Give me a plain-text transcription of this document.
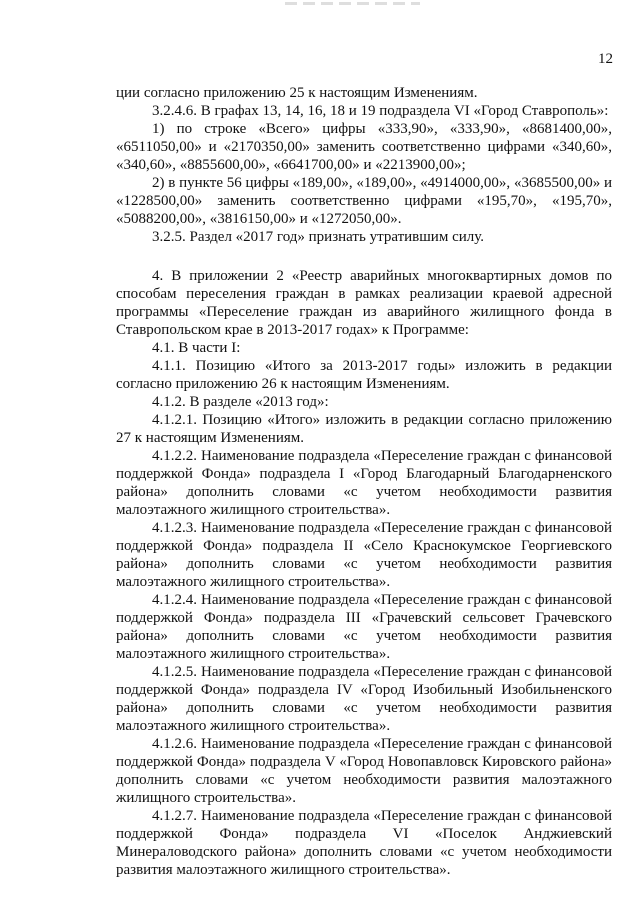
12

ции согласно приложению 25 к настоящим Изменениям.

3.2.4.6. В графах 13, 14, 16, 18 и 19 подраздела VI «Город Ставрополь»:

1) по строке «Всего» цифры «333,90», «333,90», «8681400,00», «6511050,00» и «2170350,00» заменить соответственно цифрами «340,60», «340,60», «8855600,00», «6641700,00» и «2213900,00»;

2) в пункте 56 цифры «189,00», «189,00», «4914000,00», «3685500,00» и «1228500,00» заменить соответственно цифрами «195,70», «195,70», «5088200,00», «3816150,00» и «1272050,00».

3.2.5. Раздел «2017 год» признать утратившим силу.

4. В приложении 2 «Реестр аварийных многоквартирных домов по способам переселения граждан в рамках реализации краевой адресной программы «Переселение граждан из аварийного жилищного фонда в Ставропольском крае в 2013-2017 годах» к Программе:

4.1. В части I:

4.1.1. Позицию «Итого за 2013-2017 годы» изложить в редакции согласно приложению 26 к настоящим Изменениям.

4.1.2. В разделе «2013 год»:

4.1.2.1. Позицию «Итого» изложить в редакции согласно приложению 27 к настоящим Изменениям.

4.1.2.2. Наименование подраздела «Переселение граждан с финансовой поддержкой Фонда» подраздела I «Город Благодарный Благодарненского района» дополнить словами «с учетом необходимости развития малоэтажного жилищного строительства».

4.1.2.3. Наименование подраздела «Переселение граждан с финансовой поддержкой Фонда» подраздела II «Село Краснокумское Георгиевского района» дополнить словами «с учетом необходимости развития малоэтажного жилищного строительства».

4.1.2.4. Наименование подраздела «Переселение граждан с финансовой поддержкой Фонда» подраздела III «Грачевский сельсовет Грачевского района» дополнить словами «с учетом необходимости развития малоэтажного жилищного строительства».

4.1.2.5. Наименование подраздела «Переселение граждан с финансовой поддержкой Фонда» подраздела IV «Город Изобильный Изобильненского района» дополнить словами «с учетом необходимости развития малоэтажного жилищного строительства».

4.1.2.6. Наименование подраздела «Переселение граждан с финансовой поддержкой Фонда» подраздела V «Город Новопавловск Кировского района» дополнить словами «с учетом необходимости развития малоэтажного жилищного строительства».

4.1.2.7. Наименование подраздела «Переселение граждан с финансовой поддержкой Фонда» подраздела VI «Поселок Анджиевский Минераловодского района» дополнить словами «с учетом необходимости развития малоэтажного жилищного строительства».
